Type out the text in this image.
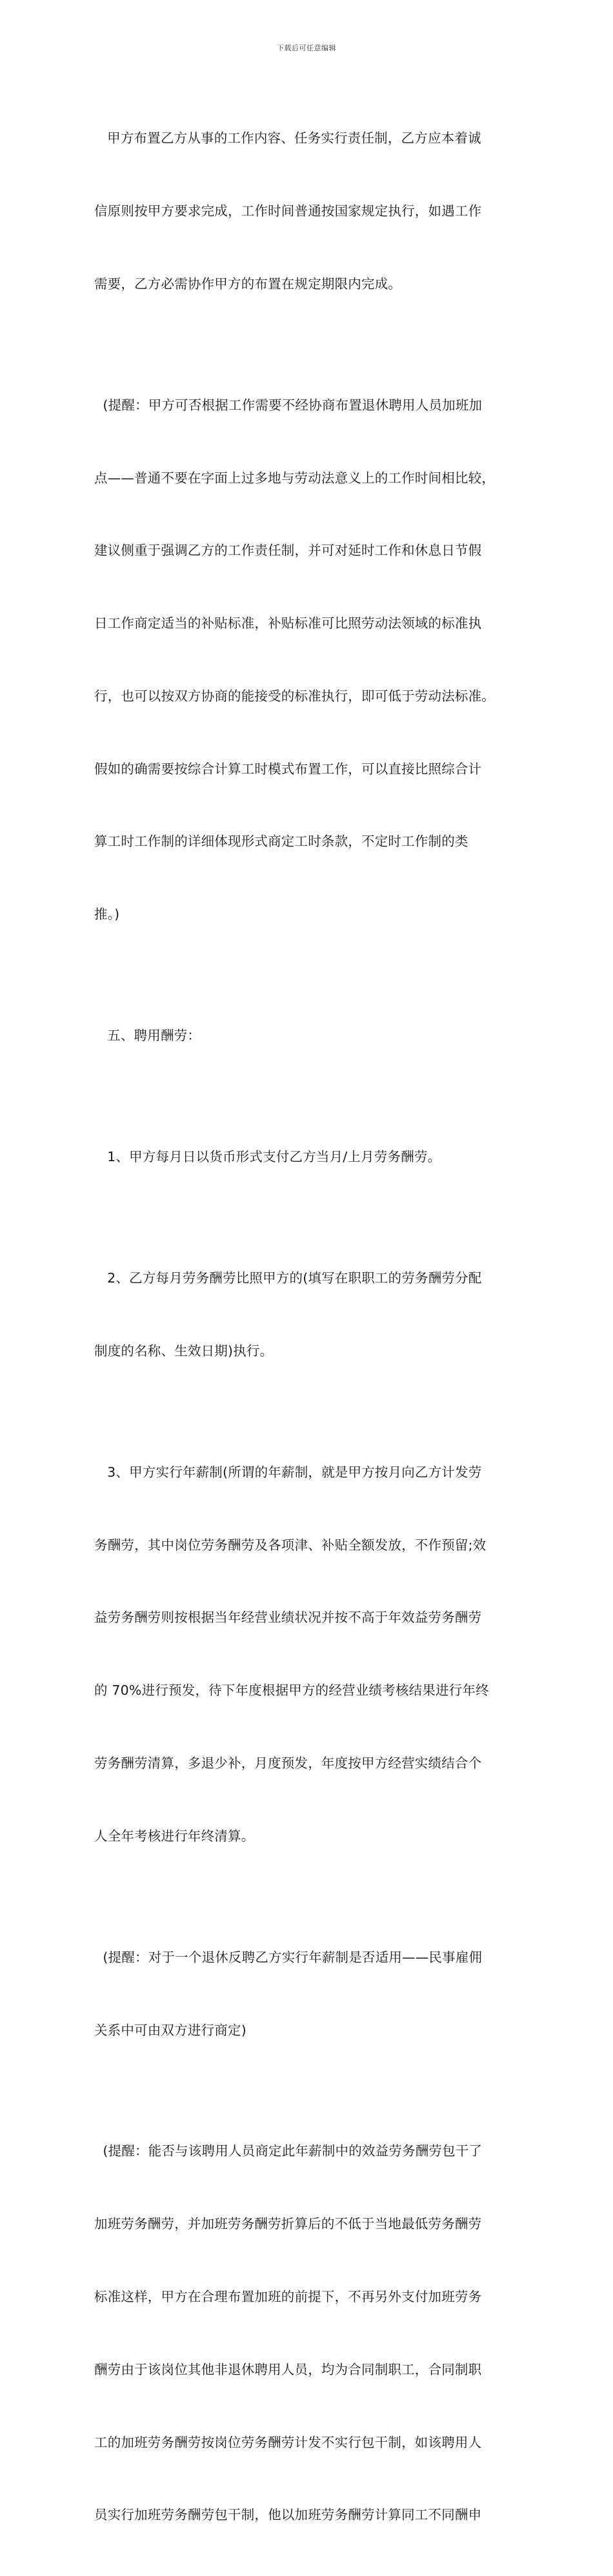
下载后可任意编辑

甲方布置乙方从事的工作内容、任务实行责任制，乙方应本着诚

信原则按甲方要求完成，工作时间普通按国家规定执行，如遇工作

需要，乙方必需协作甲方的布置在规定期限内完成。

(提醒：甲方可否根据工作需要不经协商布置退休聘用人员加班加

点——普通不要在字面上过多地与劳动法意义上的工作时间相比较，

建议侧重于强调乙方的工作责任制，并可对延时工作和休息日节假

日工作商定适当的补贴标准，补贴标准可比照劳动法领域的标准执

行，也可以按双方协商的能接受的标准执行，即可低于劳动法标准。

假如的确需要按综合计算工时模式布置工作，可以直接比照综合计

算工时工作制的详细体现形式商定工时条款，不定时工作制的类

推。)

五、聘用酬劳：

1、甲方每月日以货币形式支付乙方当月/上月劳务酬劳。

2、乙方每月劳务酬劳比照甲方的(填写在职职工的劳务酬劳分配

制度的名称、生效日期)执行。

3、甲方实行年薪制(所谓的年薪制，就是甲方按月向乙方计发劳

务酬劳，其中岗位劳务酬劳及各项津、补贴全额发放，不作预留;效

益劳务酬劳则按根据当年经营业绩状况并按不高于年效益劳务酬劳

的 70%进行预发，待下年度根据甲方的经营业绩考核结果进行年终

劳务酬劳清算，多退少补，月度预发，年度按甲方经营实绩结合个

人全年考核进行年终清算。

(提醒：对于一个退休反聘乙方实行年薪制是否适用——民事雇佣

关系中可由双方进行商定)

(提醒：能否与该聘用人员商定此年薪制中的效益劳务酬劳包干了

加班劳务酬劳，并加班劳务酬劳折算后的不低于当地最低劳务酬劳

标准这样，甲方在合理布置加班的前提下，不再另外支付加班劳务

酬劳由于该岗位其他非退休聘用人员，均为合同制职工，合同制职

工的加班劳务酬劳按岗位劳务酬劳计发不实行包干制，如该聘用人

员实行加班劳务酬劳包干制，他以加班劳务酬劳计算同工不同酬申
